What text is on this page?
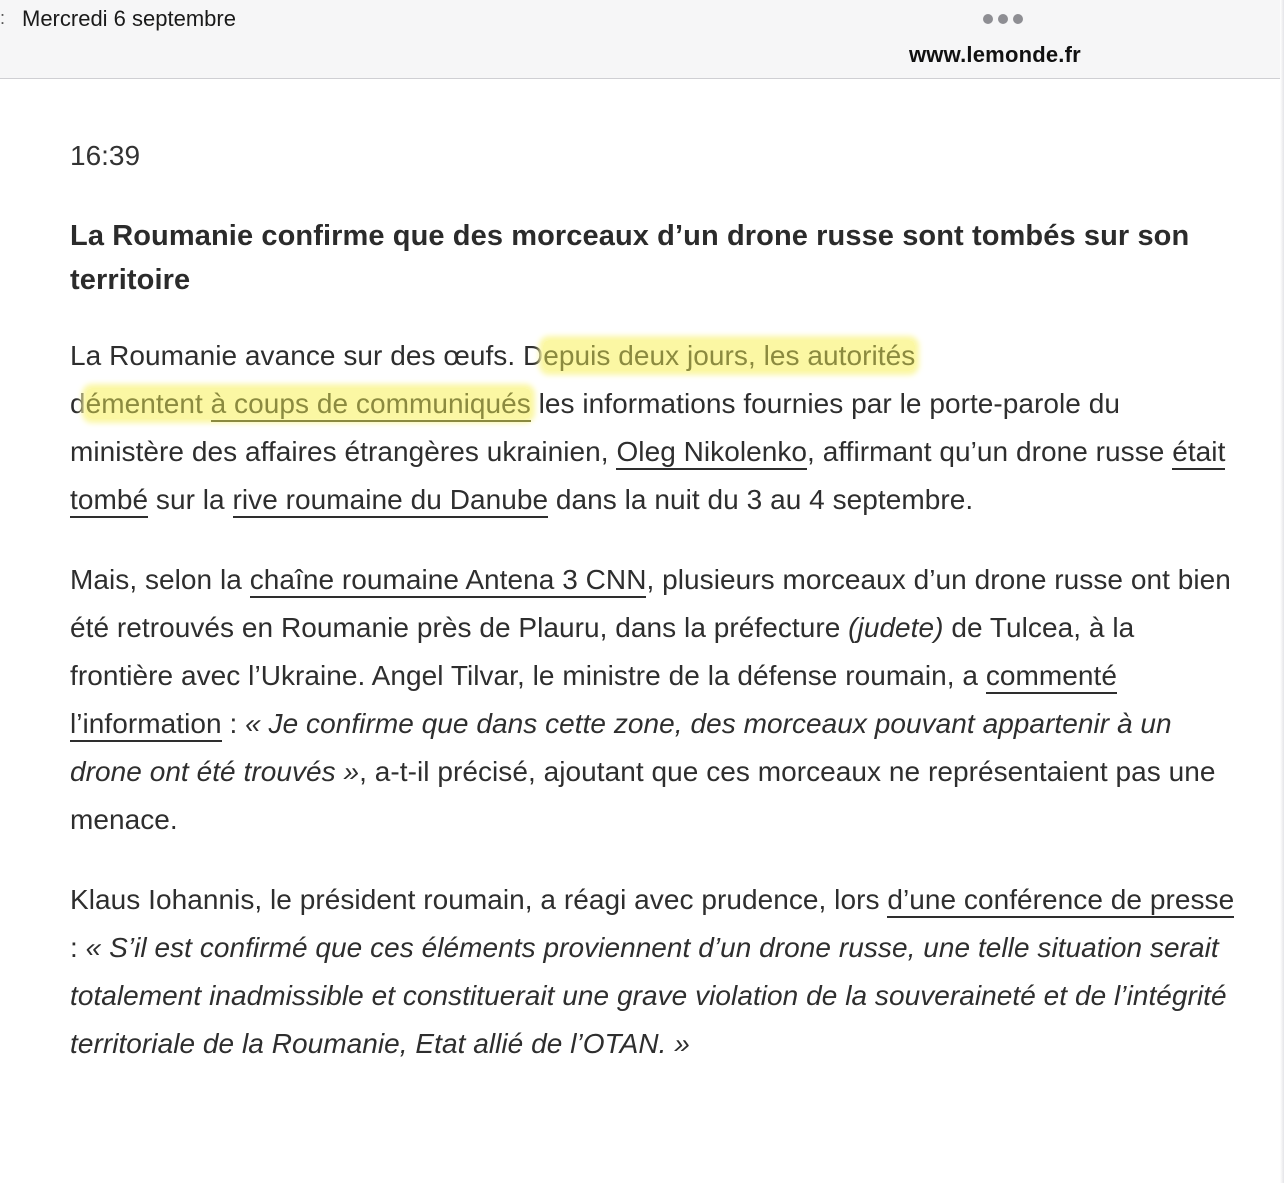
: Mercredi 6 septembre
www.lemonde.fr
16:39
La Roumanie confirme que des morceaux d’un drone russe sont tombés sur son territoire

La Roumanie avance sur des œufs. Depuis deux jours, les autorités
démentent à coups de communiqués les informations fournies par le porte-parole du ministère des affaires étrangères ukrainien, Oleg Nikolenko, affirmant qu’un drone russe était tombé sur la rive roumaine du Danube dans la nuit du 3 au 4 septembre.

Mais, selon la chaîne roumaine Antena 3 CNN, plusieurs morceaux d’un drone russe ont bien été retrouvés en Roumanie près de Plauru, dans la préfecture (judete) de Tulcea, à la frontière avec l’Ukraine. Angel Tilvar, le ministre de la défense roumain, a commenté l’information : « Je confirme que dans cette zone, des morceaux pouvant appartenir à un drone ont été trouvés », a-t-il précisé, ajoutant que ces morceaux ne représentaient pas une menace.

Klaus Iohannis, le président roumain, a réagi avec prudence, lors d’une conférence de presse : « S’il est confirmé que ces éléments proviennent d’un drone russe, une telle situation serait totalement inadmissible et constituerait une grave violation de la souveraineté et de l’intégrité territoriale de la Roumanie, Etat allié de l’OTAN. »
